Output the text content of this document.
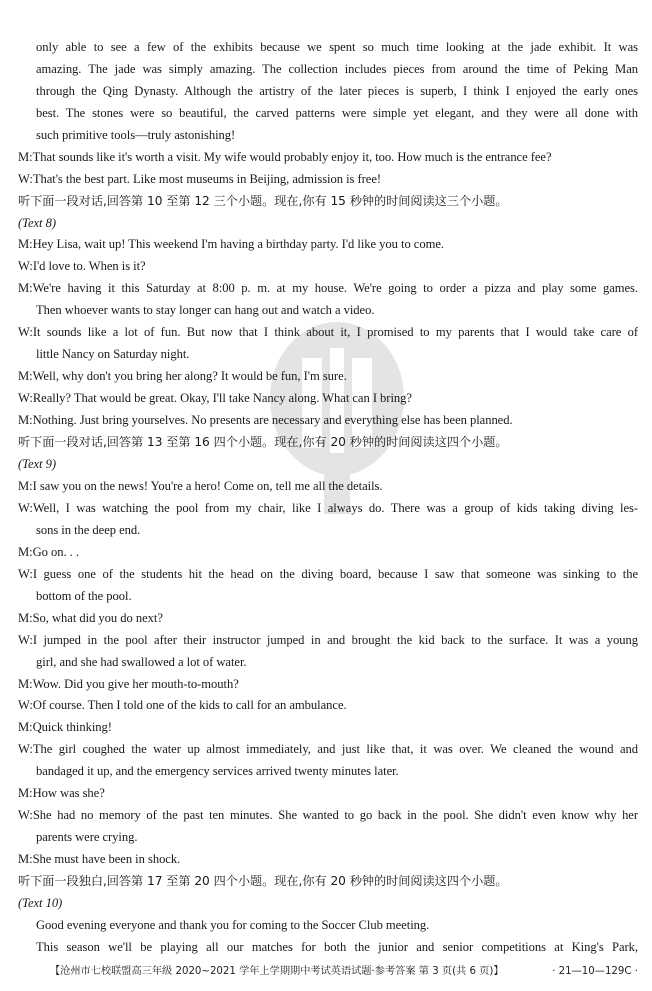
only able to see a few of the exhibits because we spent so much time looking at the jade exhibit. It was
amazing. The jade was simply amazing. The collection includes pieces from around the time of Peking Man
through the Qing Dynasty. Although the artistry of the later pieces is superb, I think I enjoyed the early ones
best. The stones were so beautiful, the carved patterns were simple yet elegant, and they were all done with
such primitive tools—truly astonishing!
M:That sounds like it's worth a visit. My wife would probably enjoy it, too. How much is the entrance fee?
W:That's the best part. Like most museums in Beijing, admission is free!
听下面一段对话,回答第 10 至第 12 三个小题。现在,你有 15 秒钟的时间阅读这三个小题。
(Text 8)
M:Hey Lisa, wait up! This weekend I'm having a birthday party. I'd like you to come.
W:I'd love to. When is it?
M:We're having it this Saturday at 8:00 p. m. at my house. We're going to order a pizza and play some games.
Then whoever wants to stay longer can hang out and watch a video.
W:It sounds like a lot of fun. But now that I think about it, I promised to my parents that I would take care of
little Nancy on Saturday night.
M:Well, why don't you bring her along? It would be fun, I'm sure.
W:Really? That would be great. Okay, I'll take Nancy along. What can I bring?
M:Nothing. Just bring yourselves. No presents are necessary and everything else has been planned.
听下面一段对话,回答第 13 至第 16 四个小题。现在,你有 20 秒钟的时间阅读这四个小题。
(Text 9)
M:I saw you on the news! You're a hero! Come on, tell me all the details.
W:Well, I was watching the pool from my chair, like I always do. There was a group of kids taking diving les-
sons in the deep end.
M:Go on. . .
W:I guess one of the students hit the head on the diving board, because I saw that someone was sinking to the
bottom of the pool.
M:So, what did you do next?
W:I jumped in the pool after their instructor jumped in and brought the kid back to the surface. It was a young
girl, and she had swallowed a lot of water.
M:Wow. Did you give her mouth-to-mouth?
W:Of course. Then I told one of the kids to call for an ambulance.
M:Quick thinking!
W:The girl coughed the water up almost immediately, and just like that, it was over. We cleaned the wound and
bandaged it up, and the emergency services arrived twenty minutes later.
M:How was she?
W:She had no memory of the past ten minutes. She wanted to go back in the pool. She didn't even know why her
parents were crying.
M:She must have been in shock.
听下面一段独白,回答第 17 至第 20 四个小题。现在,你有 20 秒钟的时间阅读这四个小题。
(Text 10)
Good evening everyone and thank you for coming to the Soccer Club meeting.
This season we'll be playing all our matches for both the junior and senior competitions at King's Park,
【沧州市七校联盟高三年级 2020~2021 学年上学期期中考试英语试题·参考答案 第 3 页(共 6 页)】	· 21—10—129C ·
